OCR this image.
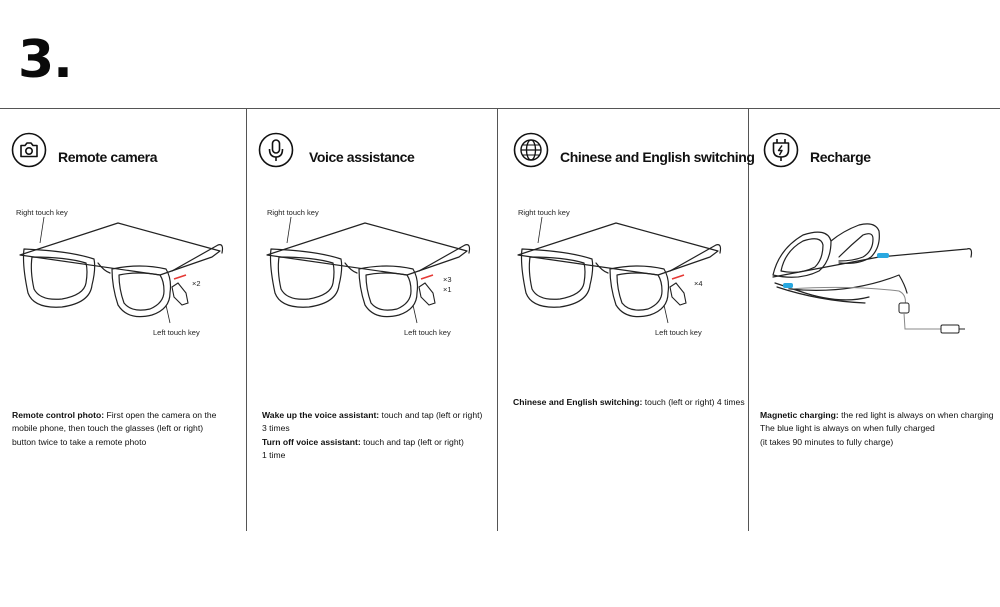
3.
Remote camera
Right touch key
Left touch key
×2
Remote control photo: First open the camera on the
mobile phone, then touch the glasses (left or right)
button twice to take a remote photo
Voice assistance
Right touch key
Left touch key
×3
×1
Wake up the voice assistant: touch and tap (left or right)
3 times
Turn off voice assistant: touch and tap (left or right)
1 time
Chinese and English switching
Right touch key
Left touch key
×4
Chinese and English switching: touch (left or right) 4 times
Recharge
Magnetic charging: the red light is always on when charging
The blue light is always on when fully charged
(it takes 90 minutes to fully charge)
